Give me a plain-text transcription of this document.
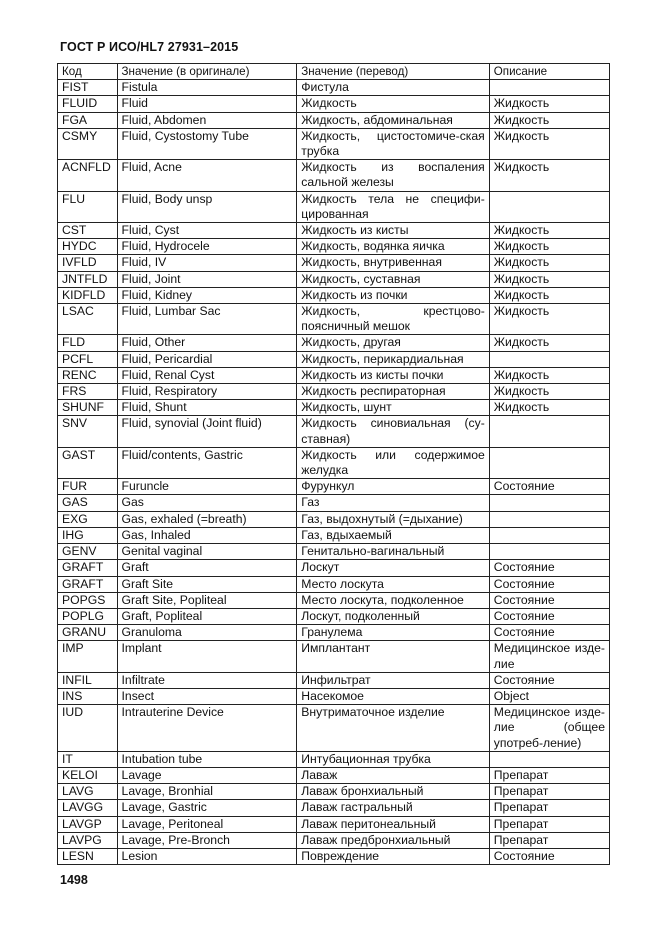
ГОСТ Р ИСО/HL7 27931–2015
Код	Значение (в оригинале)	Значение (перевод)	Описание
FIST	Fistula	Фистула	
FLUID	Fluid	Жидкость	Жидкость
FGA	Fluid, Abdomen	Жидкость, абдоминальная	Жидкость
CSMY	Fluid, Cystostomy Tube	Жидкость, цистостомиче-ская трубка	Жидкость
ACNFLD	Fluid, Acne	Жидкость из воспаления сальной железы	Жидкость
FLU	Fluid, Body unsp	Жидкость тела не специфи-цированная	
CST	Fluid, Cyst	Жидкость из кисты	Жидкость
HYDC	Fluid, Hydrocele	Жидкость, водянка яичка	Жидкость
IVFLD	Fluid, IV	Жидкость, внутривенная	Жидкость
JNTFLD	Fluid, Joint	Жидкость, суставная	Жидкость
KIDFLD	Fluid, Kidney	Жидкость из почки	Жидкость
LSAC	Fluid, Lumbar Sac	Жидкость, крестцово-поясничный мешок	Жидкость
FLD	Fluid, Other	Жидкость, другая	Жидкость
PCFL	Fluid, Pericardial	Жидкость, перикардиальная	
RENC	Fluid, Renal Cyst	Жидкость из кисты почки	Жидкость
FRS	Fluid, Respiratory	Жидкость респираторная	Жидкость
SHUNF	Fluid, Shunt	Жидкость, шунт	Жидкость
SNV	Fluid, synovial (Joint fluid)	Жидкость синовиальная (су-ставная)	
GAST	Fluid/contents, Gastric	Жидкость или содержимое желудка	
FUR	Furuncle	Фурункул	Состояние
GAS	Gas	Газ	
EXG	Gas, exhaled (=breath)	Газ, выдохнутый (=дыхание)	
IHG	Gas, Inhaled	Газ, вдыхаемый	
GENV	Genital vaginal	Генитально-вагинальный	
GRAFT	Graft	Лоскут	Состояние
GRAFT	Graft Site	Место лоскута	Состояние
POPGS	Graft Site, Popliteal	Место лоскута, подколенное	Состояние
POPLG	Graft, Popliteal	Лоскут, подколенный	Состояние
GRANU	Granuloma	Гранулема	Состояние
IMP	Implant	Имплантант	Медицинское изде-лие
INFIL	Infiltrate	Инфильтрат	Состояние
INS	Insect	Насекомое	Object
IUD	Intrauterine Device	Внутриматочное изделие	Медицинское изде-лие (общее употреб-ление)
IT	Intubation tube	Интубационная трубка	
KELOI	Lavage	Лаваж	Препарат
LAVG	Lavage, Bronhial	Лаваж бронхиальный	Препарат
LAVGG	Lavage, Gastric	Лаваж гастральный	Препарат
LAVGP	Lavage, Peritoneal	Лаваж перитонеальный	Препарат
LAVPG	Lavage, Pre-Bronch	Лаваж предбронхиальный	Препарат
LESN	Lesion	Повреждение	Состояние
1498
